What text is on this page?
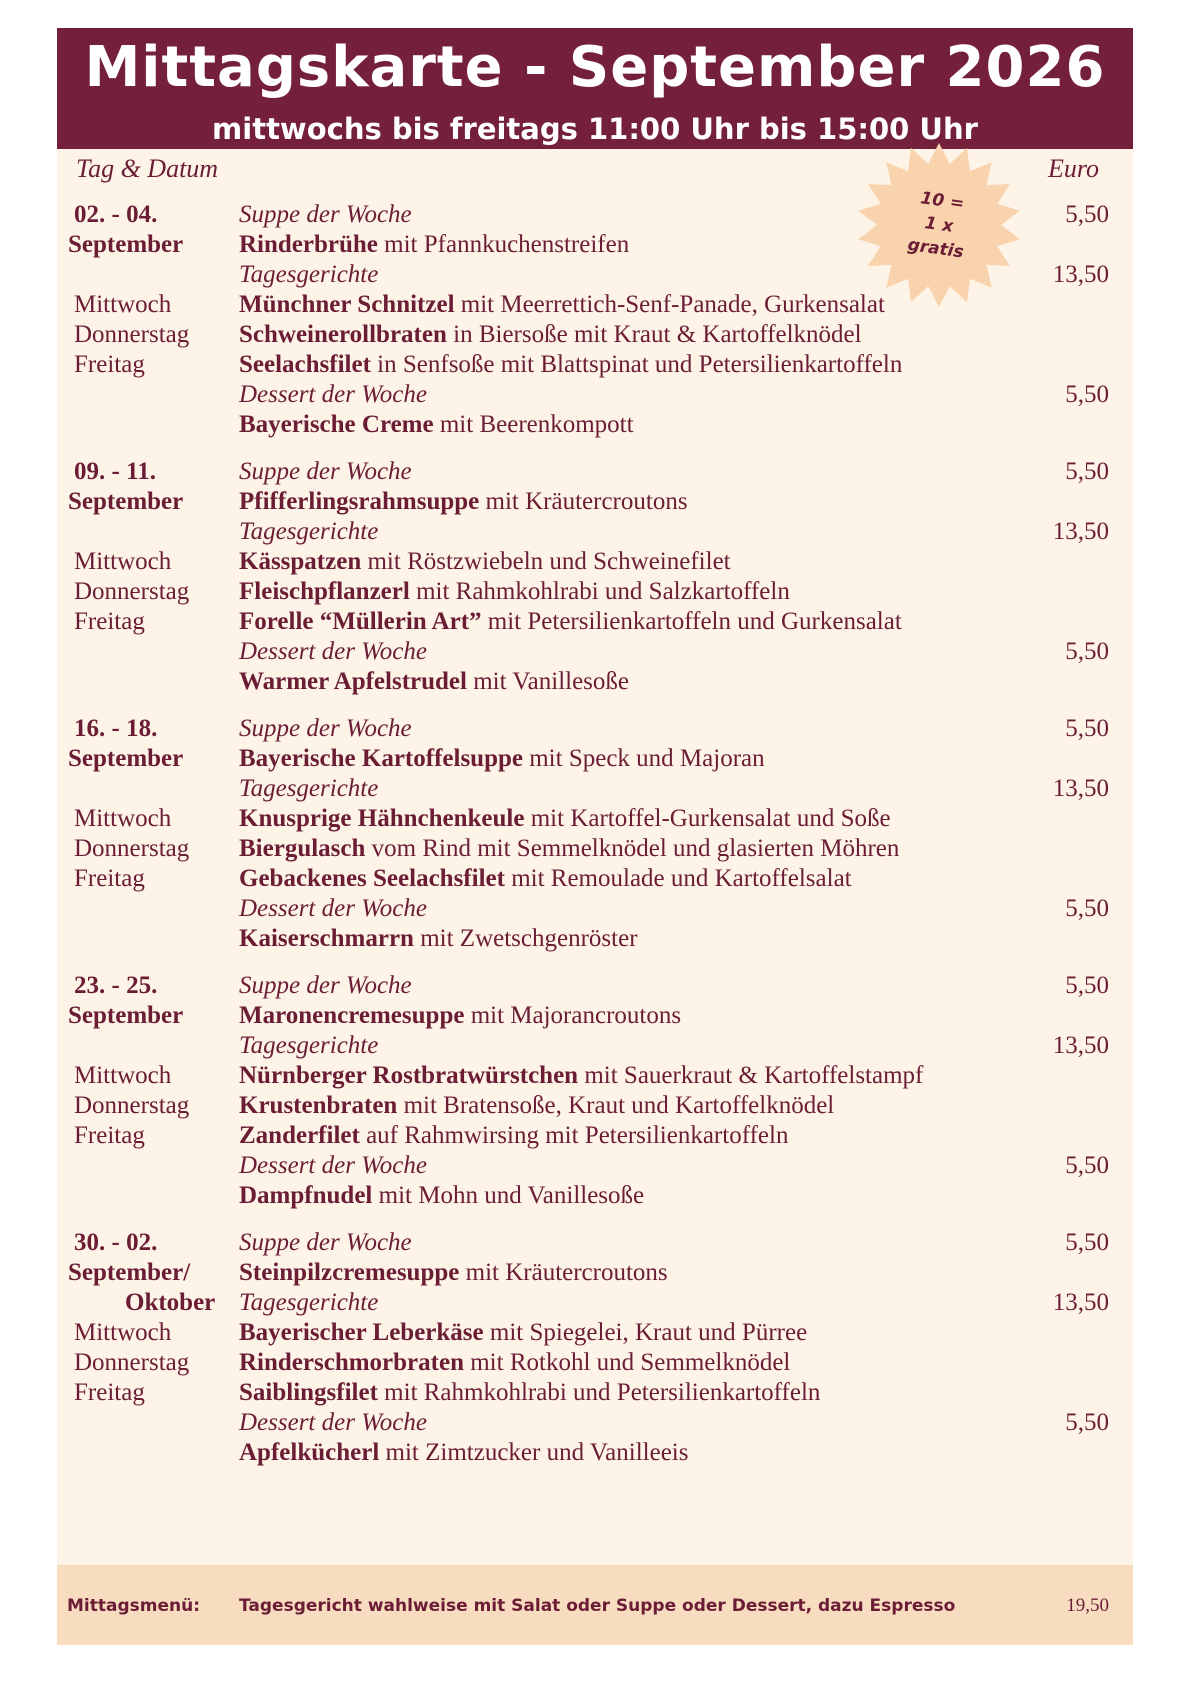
Mittagskarte - September 2026
mittwochs bis freitags 11:00 Uhr bis 15:00 Uhr
Tag & Datum	Euro
10 =
1 x
gratis
02. - 04.
September
Mittwoch
Donnerstag
Freitag
Suppe der Woche	5,50
Rinderbrühe mit Pfannkuchenstreifen
Tagesgerichte	13,50
Münchner Schnitzel mit Meerrettich-Senf-Panade, Gurkensalat
Schweinerollbraten in Biersoße mit Kraut & Kartoffelknödel
Seelachsfilet in Senfsoße mit Blattspinat und Petersilienkartoffeln
Dessert der Woche	5,50
Bayerische Creme mit Beerenkompott
09. - 11.
September
Mittwoch
Donnerstag
Freitag
Suppe der Woche	5,50
Pfifferlingsrahmsuppe mit Kräutercroutons
Tagesgerichte	13,50
Kässpatzen mit Röstzwiebeln und Schweinefilet
Fleischpflanzerl mit Rahmkohlrabi und Salzkartoffeln
Forelle “Müllerin Art” mit Petersilienkartoffeln und Gurkensalat
Dessert der Woche	5,50
Warmer Apfelstrudel mit Vanillesoße
16. - 18.
September
Mittwoch
Donnerstag
Freitag
Suppe der Woche	5,50
Bayerische Kartoffelsuppe mit Speck und Majoran
Tagesgerichte	13,50
Knusprige Hähnchenkeule mit Kartoffel-Gurkensalat und Soße
Biergulasch vom Rind mit Semmelknödel und glasierten Möhren
Gebackenes Seelachsfilet mit Remoulade und Kartoffelsalat
Dessert der Woche	5,50
Kaiserschmarrn mit Zwetschgenröster
23. - 25.
September
Mittwoch
Donnerstag
Freitag
Suppe der Woche	5,50
Maronencremesuppe mit Majorancroutons
Tagesgerichte	13,50
Nürnberger Rostbratwürstchen mit Sauerkraut & Kartoffelstampf
Krustenbraten mit Bratensoße, Kraut und Kartoffelknödel
Zanderfilet auf Rahmwirsing mit Petersilienkartoffeln
Dessert der Woche	5,50
Dampfnudel mit Mohn und Vanillesoße
30. - 02.
September/
Oktober
Mittwoch
Donnerstag
Freitag
Suppe der Woche	5,50
Steinpilzcremesuppe mit Kräutercroutons
Tagesgerichte	13,50
Bayerischer Leberkäse mit Spiegelei, Kraut und Pürree
Rinderschmorbraten mit Rotkohl und Semmelknödel
Saiblingsfilet mit Rahmkohlrabi und Petersilienkartoffeln
Dessert der Woche	5,50
Apfelkücherl mit Zimtzucker und Vanilleeis
Mittagsmenü: Tagesgericht wahlweise mit Salat oder Suppe oder Dessert, dazu Espresso	19,50
